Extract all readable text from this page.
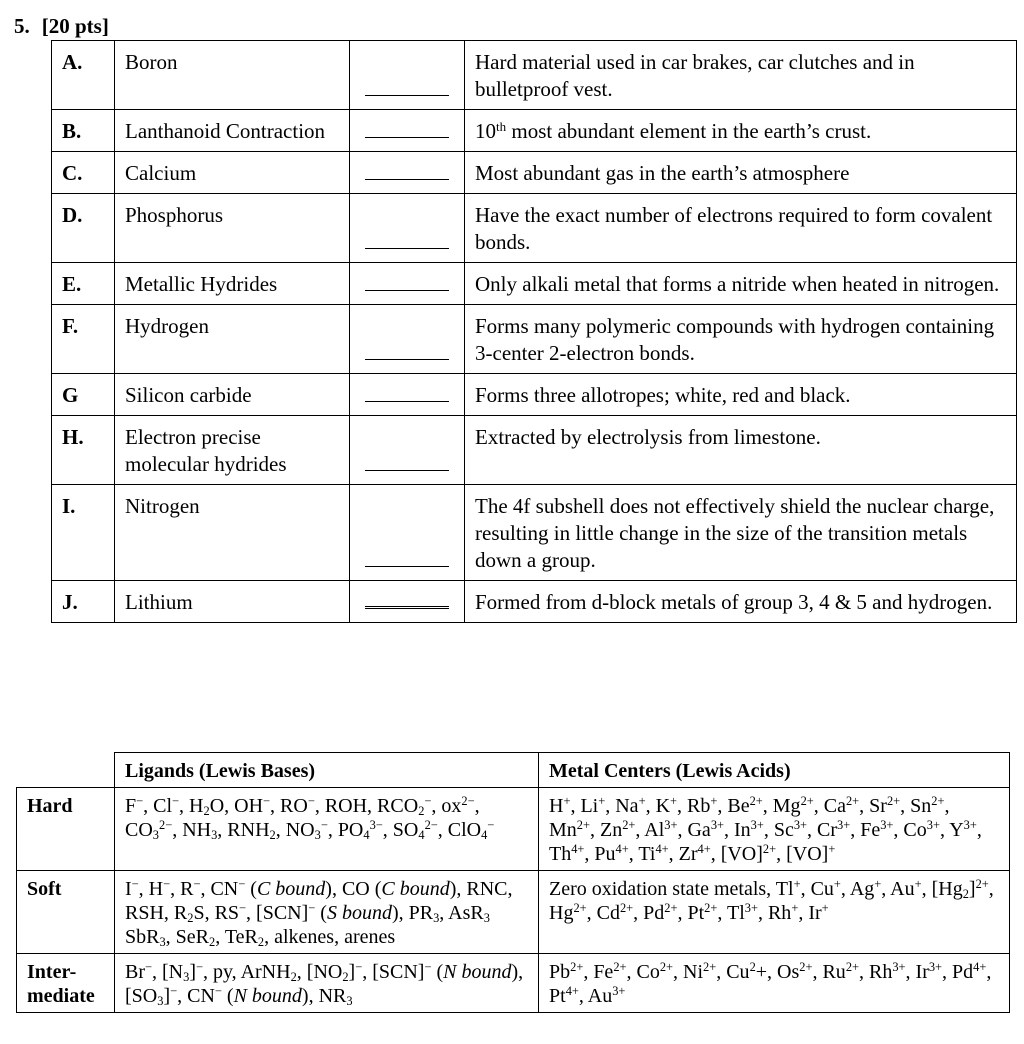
5. [20 pts]
A.	Boron		Hard material used in car brakes, car clutches and in bulletproof vest.
B.	Lanthanoid Contraction		10th most abundant element in the earth’s crust.
C.	Calcium		Most abundant gas in the earth’s atmosphere
D.	Phosphorus		Have the exact number of electrons required to form covalent bonds.
E.	Metallic Hydrides		Only alkali metal that forms a nitride when heated in nitrogen.
F.	Hydrogen		Forms many polymeric compounds with hydrogen containing 3-center 2-electron bonds.
G	Silicon carbide		Forms three allotropes; white, red and black.
H.	Electron precise molecular hydrides		Extracted by electrolysis from limestone.
I.	Nitrogen		The 4f subshell does not effectively shield the nuclear charge, resulting in little change in the size of the transition metals down a group.
J.	Lithium		Formed from d-block metals of group 3, 4 & 5 and hydrogen.
	Ligands (Lewis Bases)	Metal Centers (Lewis Acids)
Hard	F−, Cl−, $H_2O$, OH−, RO−, ROH, $RCO_2^-$, $ox^{2-}$, $CO_3^{2-}$, $NH_3$, $RNH_2$, $NO_3^-$, $PO_4^{3-}$, $SO_4^{2-}$, ClO$_4$−	H+, Li+, Na+, K+, Rb+, $Be^{2+}$, $Mg^{2+}$, $Ca^{2+}$, $Sr^{2+}$, $Sn^{2+}$, $Mn^{2+}$, $Zn^{2+}$, $Al^{3+}$, $Ga^{3+}$, $In^{3+}$, $Sc^{3+}$, $Cr^{3+}$, $Fe^{3+}$, $Co^{3+}$, $Y^{3+}$, $Th^{4+}$, $Pu^{4+}$, $Ti^{4+}$, $Zr^{4+}$, [VO]$^{2+}$, [VO]+
Soft	I−, H−, R−, CN− (C bound), CO (C bound), RNC, RSH, $R_2S$, RS−, [SCN]− (S bound), $PR_3$, AsR$_3$ SbR$_3$, SeR$_2$, TeR$_2$, alkenes, arenes	Zero oxidation state metals, Tl+, Cu+, Ag+, Au+, $[Hg_2]^{2+}$, $Hg^{2+}$, $Cd^{2+}$, $Pd^{2+}$, $Pt^{2+}$, $Tl^{3+}$, Rh+, Ir+
Inter-
mediate	Br−, $[N_3]^-$, py, ArNH$_2$, $[NO_2]^-$, [SCN]− (N bound), $[SO_3]^-$, CN− (N bound), $NR_3$	$Pb^{2+}$, $Fe^{2+}$, $Co^{2+}$, $Ni^{2+}$, $Cu^2+$, $Os^{2+}$, $Ru^{2+}$, $Rh^{3+}$, $Ir^{3+}$, $Pd^{4+}$, $Pt^{4+}$, $Au^{3+}$
